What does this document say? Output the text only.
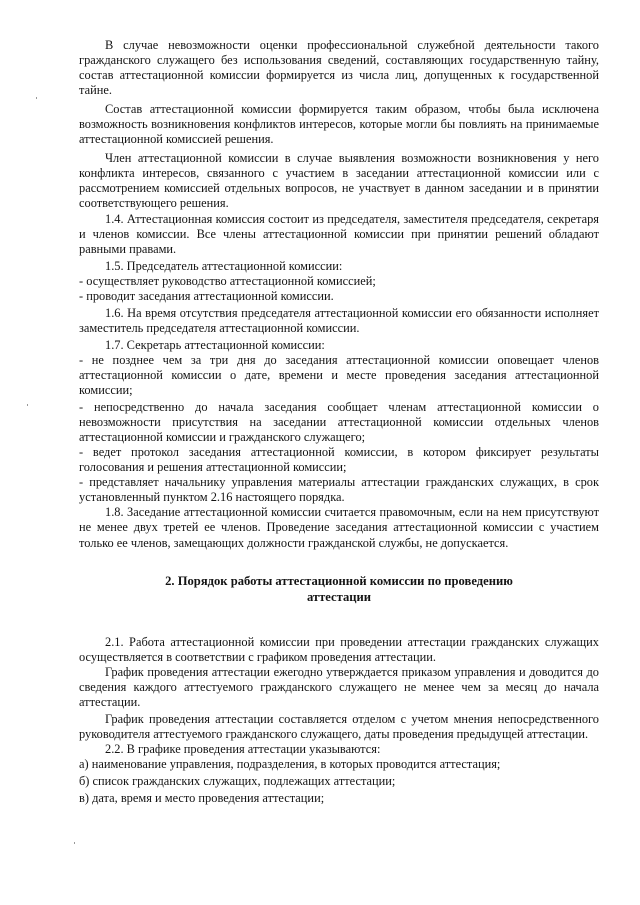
В случае невозможности оценки профессиональной служебной деятельности такого гражданского служащего без использования сведений, составляющих государственную тайну, состав аттестационной комиссии формируется из числа лиц, допущенных к государственной тайне.

Состав аттестационной комиссии формируется таким образом, чтобы была исключена возможность возникновения конфликтов интересов, которые могли бы повлиять на принимаемые аттестационной комиссией решения.

Член аттестационной комиссии в случае выявления возможности возникновения у него конфликта интересов, связанного с участием в заседании аттестационной комиссии или с рассмотрением комиссией отдельных вопросов, не участвует в данном заседании и в принятии соответствующего решения.

1.4. Аттестационная комиссия состоит из председателя, заместителя председателя, секретаря и членов комиссии. Все члены аттестационной комиссии при принятии решений обладают равными правами.

1.5. Председатель аттестационной комиссии:

- осуществляет руководство аттестационной комиссией;

- проводит заседания аттестационной комиссии.

1.6. На время отсутствия председателя аттестационной комиссии его обязанности исполняет заместитель председателя аттестационной комиссии.

1.7. Секретарь аттестационной комиссии:

- не позднее чем за три дня до заседания аттестационной комиссии оповещает членов аттестационной комиссии о дате, времени и месте проведения заседания аттестационной комиссии;

- непосредственно до начала заседания сообщает членам аттестационной комиссии о невозможности присутствия на заседании аттестационной комиссии отдельных членов аттестационной комиссии и гражданского служащего;

- ведет протокол заседания аттестационной комиссии, в котором фиксирует результаты голосования и решения аттестационной комиссии;

- представляет начальнику управления материалы аттестации гражданских служащих, в срок установленный пунктом 2.16 настоящего порядка.

1.8. Заседание аттестационной комиссии считается правомочным, если на нем присутствуют не менее двух третей ее членов. Проведение заседания аттестационной комиссии с участием только ее членов, замещающих должности гражданской службы, не допускается.

2. Порядок работы аттестационной комиссии по проведению
аттестации

2.1. Работа аттестационной комиссии при проведении аттестации гражданских служащих осуществляется в соответствии с графиком проведения аттестации.

График проведения аттестации ежегодно утверждается приказом управления и доводится до сведения каждого аттестуемого гражданского служащего не менее чем за месяц до начала аттестации.

График проведения аттестации составляется отделом с учетом мнения непосредственного руководителя аттестуемого гражданского служащего, даты проведения предыдущей аттестации.

2.2. В графике проведения аттестации указываются:

а) наименование управления, подразделения, в которых проводится аттестация;

б) список гражданских служащих, подлежащих аттестации;

в) дата, время и место проведения аттестации;
